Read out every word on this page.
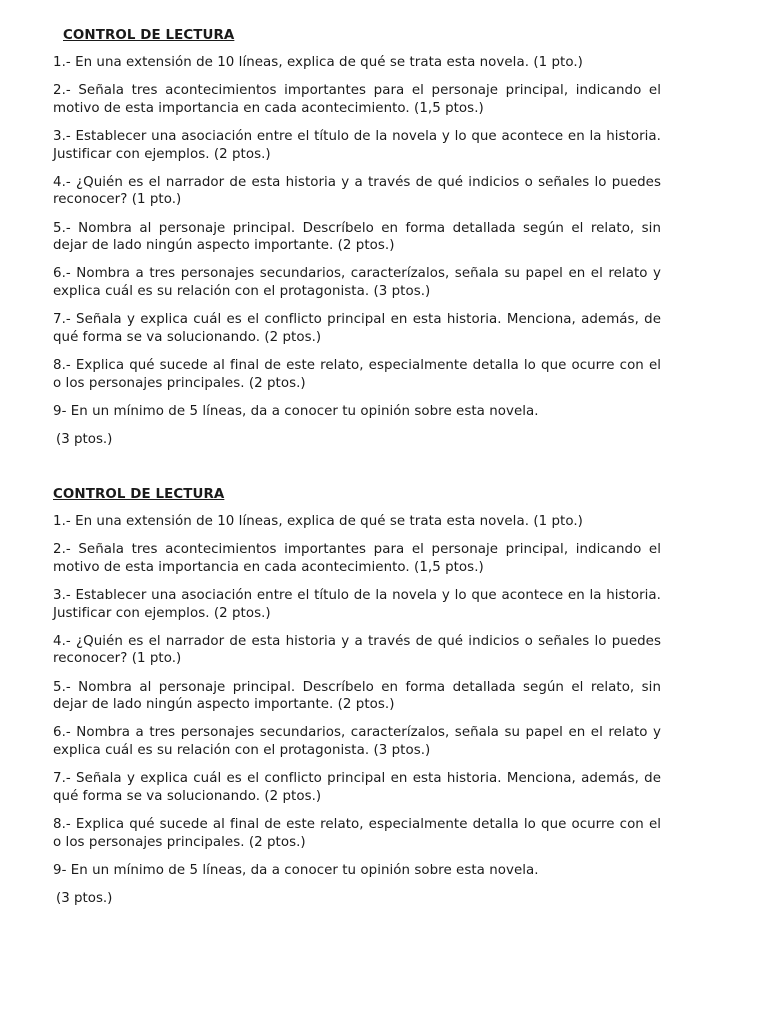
CONTROL DE LECTURA

1.- En una extensión de 10 líneas, explica de qué se trata esta novela. (1 pto.)

2.- Señala tres acontecimientos importantes para el personaje principal, indicando el motivo de esta importancia en cada acontecimiento. (1,5 ptos.)

3.- Establecer una asociación entre el título de la novela y lo que acontece en la historia. Justificar con ejemplos. (2 ptos.)

4.- ¿Quién es el narrador de esta historia y a través de qué indicios o señales lo puedes reconocer? (1 pto.)

5.- Nombra al personaje principal. Descríbelo en forma detallada según el relato, sin dejar de lado ningún aspecto importante. (2 ptos.)

6.- Nombra a tres personajes secundarios, caracterízalos, señala su papel en el relato y explica cuál es su relación con el protagonista. (3 ptos.)

7.- Señala y explica cuál es el conflicto principal en esta historia. Menciona, además, de qué forma se va solucionando. (2 ptos.)

8.- Explica qué sucede al final de este relato, especialmente detalla lo que ocurre con el o los personajes principales. (2 ptos.)

9- En un mínimo de 5 líneas, da a conocer tu opinión sobre esta novela.

(3 ptos.)

CONTROL DE LECTURA

1.- En una extensión de 10 líneas, explica de qué se trata esta novela. (1 pto.)

2.- Señala tres acontecimientos importantes para el personaje principal, indicando el motivo de esta importancia en cada acontecimiento. (1,5 ptos.)

3.- Establecer una asociación entre el título de la novela y lo que acontece en la historia. Justificar con ejemplos. (2 ptos.)

4.- ¿Quién es el narrador de esta historia y a través de qué indicios o señales lo puedes reconocer? (1 pto.)

5.- Nombra al personaje principal. Descríbelo en forma detallada según el relato, sin dejar de lado ningún aspecto importante. (2 ptos.)

6.- Nombra a tres personajes secundarios, caracterízalos, señala su papel en el relato y explica cuál es su relación con el protagonista. (3 ptos.)

7.- Señala y explica cuál es el conflicto principal en esta historia. Menciona, además, de qué forma se va solucionando. (2 ptos.)

8.- Explica qué sucede al final de este relato, especialmente detalla lo que ocurre con el o los personajes principales. (2 ptos.)

9- En un mínimo de 5 líneas, da a conocer tu opinión sobre esta novela.

(3 ptos.)
